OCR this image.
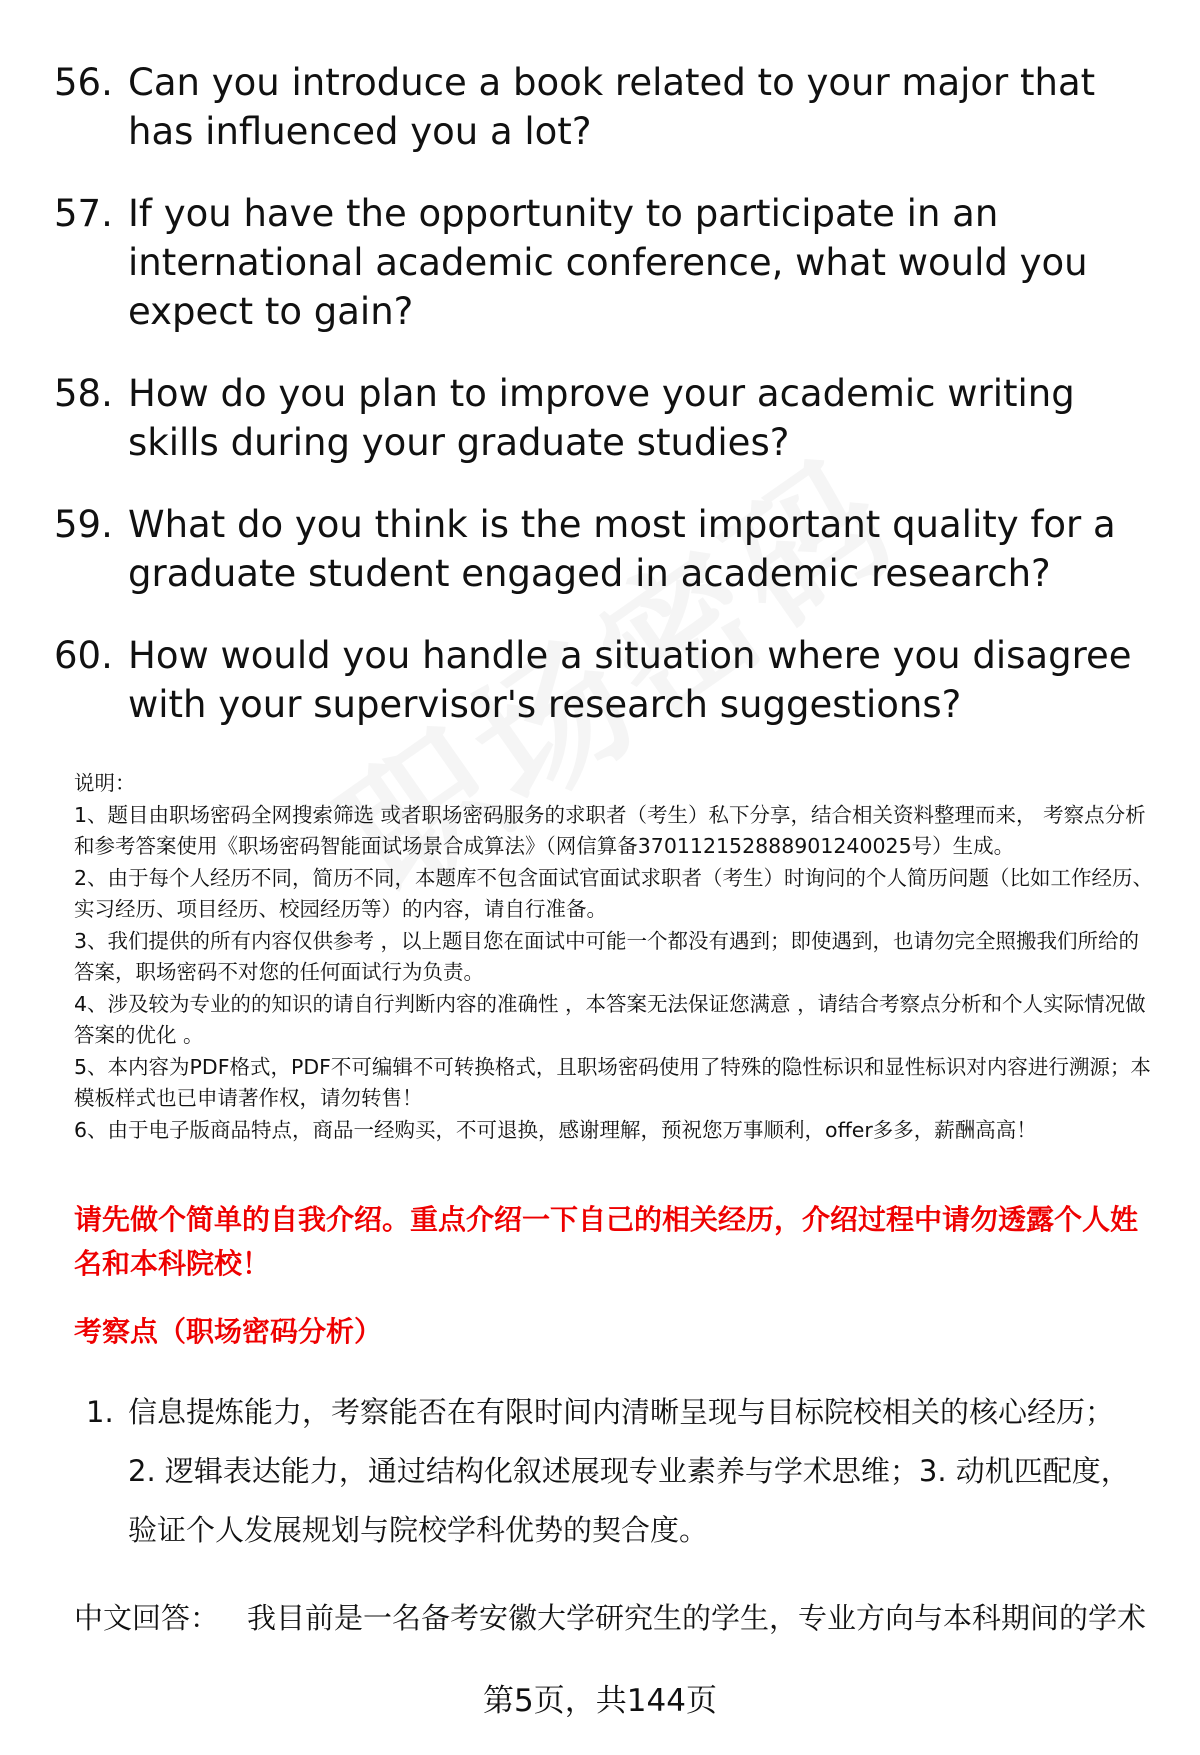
56. Can you introduce a book related to your major that has influenced you a lot?
57. If you have the opportunity to participate in an international academic conference, what would you expect to gain?
58. How do you plan to improve your academic writing skills during your graduate studies?
59. What do you think is the most important quality for a graduate student engaged in academic research?
60. How would you handle a situation where you disagree with your supervisor's research suggestions?

说明：

1、题目由职场密码全网搜索筛选 或者职场密码服务的求职者（考生）私下分享，结合相关资料整理而来， 考察点分析和参考答案使用《职场密码智能面试场景合成算法》（网信算备370112152888901240025号）生成。

2、由于每个人经历不同，简历不同，本题库不包含面试官面试求职者（考生）时询问的个人简历问题（比如工作经历、实习经历、项目经历、校园经历等）的内容，请自行准备。

3、我们提供的所有内容仅供参考 ，以上题目您在面试中可能一个都没有遇到；即使遇到，也请勿完全照搬我们所给的答案，职场密码不对您的任何面试行为负责。

4、涉及较为专业的的知识的请自行判断内容的准确性 ，本答案无法保证您满意 ，请结合考察点分析和个人实际情况做答案的优化 。

5、本内容为PDF格式，PDF不可编辑不可转换格式，且职场密码使用了特殊的隐性标识和显性标识对内容进行溯源；本模板样式也已申请著作权，请勿转售！

6、由于电子版商品特点，商品一经购买，不可退换，感谢理解，预祝您万事顺利，offer多多，薪酬高高！

请先做个简单的自我介绍。重点介绍一下自己的相关经历，介绍过程中请勿透露个人姓名和本科院校！
考察点（职场密码分析）
1. 信息提炼能力，考察能否在有限时间内清晰呈现与目标院校相关的核心经历；
2. 逻辑表达能力，通过结构化叙述展现专业素养与学术思维；3. 动机匹配度，
验证个人发展规划与院校学科优势的契合度。
中文回答： 我目前是一名备考安徽大学研究生的学生，专业方向与本科期间的学术
第5页，共144页
